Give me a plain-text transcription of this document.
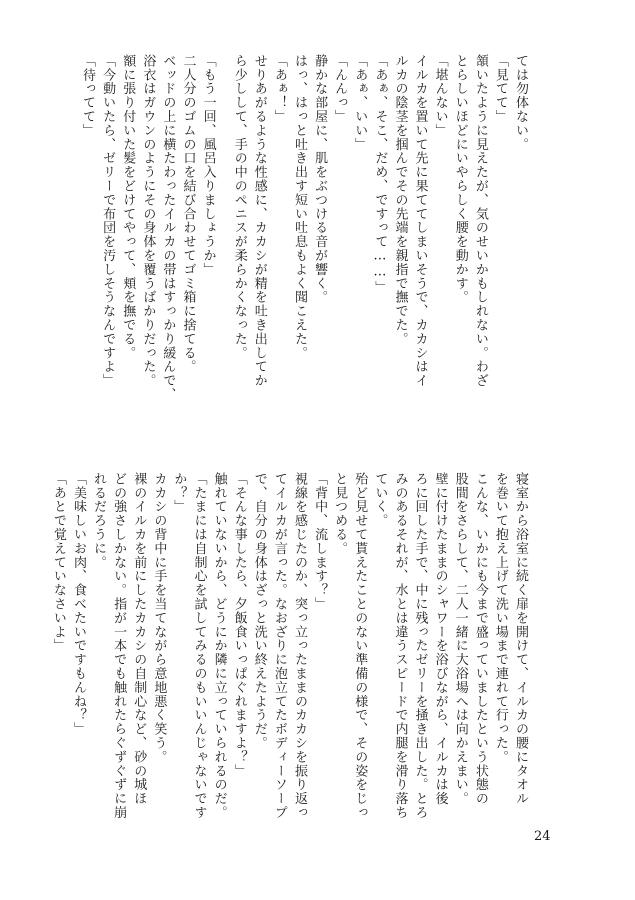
ては勿体ない。
「見てて」
頷いたように見えたが、気のせいかもしれない。わざ
とらしいほどにいやらしく腰を動かす。
「堪んない」
イルカを置いて先に果ててしまいそうで、カカシはイ
ルカの陰茎を掴んでその先端を親指で撫でた。
「あぁ、そこ、だめ、ですって……」
「あぁ、いい」
「んんっ」
静かな部屋に、肌をぶつける音が響く。
はっ、はっと吐き出す短い吐息もよく聞こえた。
「あぁ！」
せりあがるような性感に、カカシが精を吐き出してか
ら少しして、手の中のペニスが柔らかくなった。
「もう一回、風呂入りましょうか」
二人分のゴムの口を結び合わせてゴミ箱に捨てる。
ベッドの上に横たわったイルカの帯はすっかり緩んで、
浴衣はガウンのようにその身体を覆うばかりだった。
額に張り付いた髪をどけてやって、頬を撫でる。
「今動いたら、ゼリーで布団を汚しそうなんですよ」
「待ってて」
寝室から浴室に続く扉を開けて、イルカの腰にタオル
を巻いて抱え上げて洗い場まで連れて行った。
こんな、いかにも今まで盛っていましたという状態の
股間をさらして、二人一緒に大浴場へは向かえまい。
壁に付けたままのシャワーを浴びながら、イルカは後
ろに回した手で、中に残ったゼリーを掻き出した。とろ
みのあるそれが、水とは違うスピードで内腿を滑り落ち
ていく。
殆ど見せて貰えたことのない準備の様で、その姿をじっ
と見つめる。
「背中、流します？」
視線を感じたのか、突っ立ったままのカカシを振り返っ
てイルカが言った。なおざりに泡立てたボディーソープ
で、自分の身体はざっと洗い終えたようだ。
「そんな事したら、夕飯食いっぱぐれますよ？」
触れていないから、どうにか隣に立っていられるのだ。
「たまには自制心を試してみるのもいいんじゃないです
か？」
カカシの背中に手を当てながら意地悪く笑う。
裸のイルカを前にしたカカシの自制心など、砂の城ほ
どの強さしかない。指が一本でも触れたらぐずぐずに崩
れるだろうに。
「美味しいお肉、食べたいですもんね？」
「あとで覚えていなさいよ」
24
